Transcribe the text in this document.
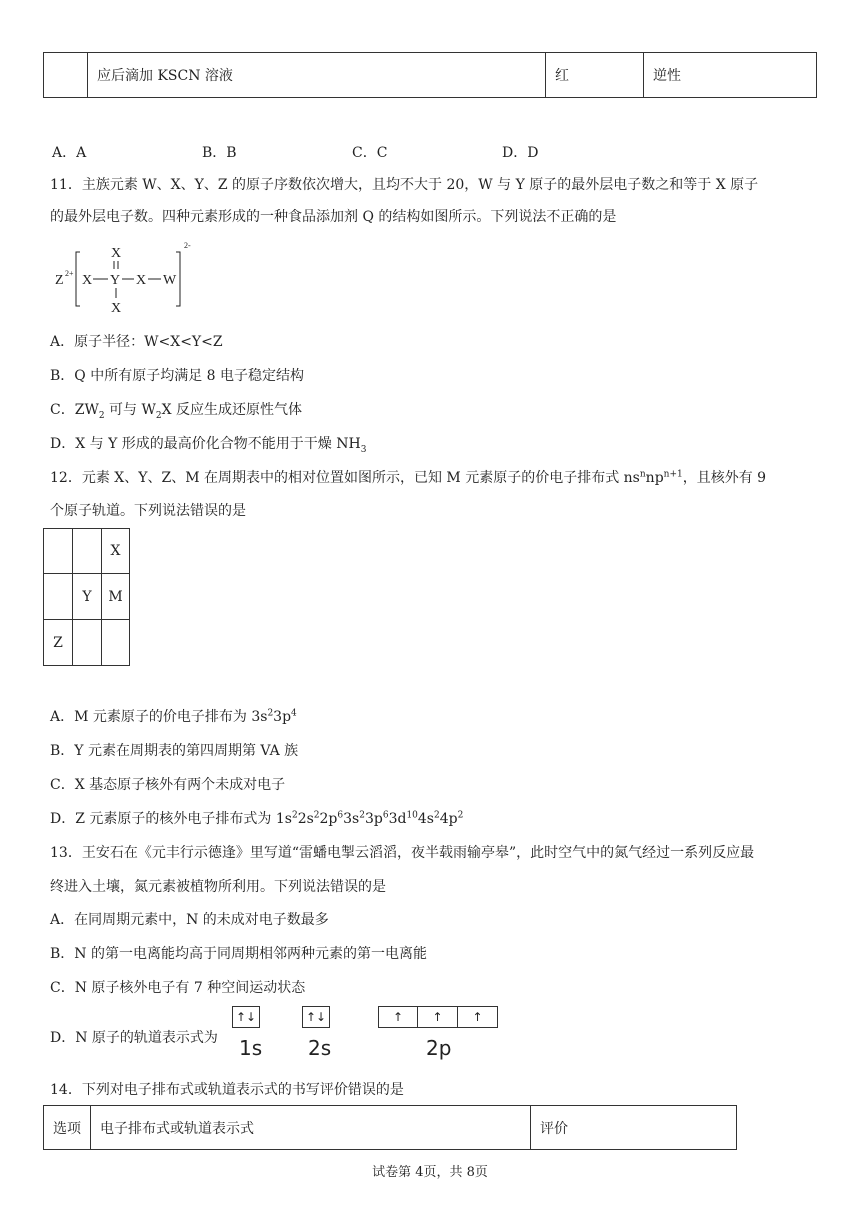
	应后滴加 KSCN 溶液	红	逆性
A．A	B．B	C．C	D．D
11．主族元素 W、X、Y、Z 的原子序数依次增大，且均不大于 20，W 与 Y 原子的最外层电子数之和等于 X 原子
的最外层电子数。四种元素形成的一种食品添加剂 Q 的结构如图所示。下列说法不正确的是
Z 2+ X Y
X
X
X W
2-
A．原子半径：W<X<Y<Z
B．Q 中所有原子均满足 8 电子稳定结构
C．$ZW_2$ 可与 $W_2X$ 反应生成还原性气体
D．X 与 Y 形成的最高价化合物不能用于干燥 $NH_3$
12．元素 X、Y、Z、M 在周期表中的相对位置如图所示，已知 M 元素原子的价电子排布式 $ns^nnp^{n+1}$，且核外有 9
个原子轨道。下列说法错误的是
		X
	Y	M
Z		
A．M 元素原子的价电子排布为 $3s^23p^4$
B．Y 元素在周期表的第四周期第 VA 族
C．X 基态原子核外有两个未成对电子
D．Z 元素原子的核外电子排布式为 $1s^22s^22p^63s^23p^63d^{10}4s^24p^2$
13．王安石在《元丰行示德逢》里写道“雷蟠电掣云滔滔，夜半载雨输亭皋”，此时空气中的氮气经过一系列反应最
终进入土壤，氮元素被植物所利用。下列说法错误的是
A．在同周期元素中，N 的未成对电子数最多
B．N 的第一电离能均高于同周期相邻两种元素的第一电离能
C．N 原子核外电子有 7 种空间运动状态
D．N 原子的轨道表示式为
↑↓	↑↓	↑	↑	↑
1s 2s	2p
14．下列对电子排布式或轨道表示式的书写评价错误的是
选项	电子排布式或轨道表示式	评价
试卷第 4页，共 8页
